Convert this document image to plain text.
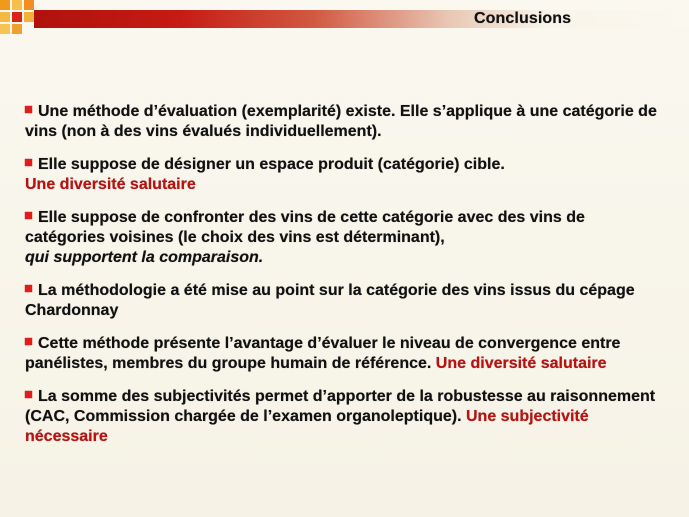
Conclusions
Une méthode d’évaluation (exemplarité) existe. Elle s’applique à une catégorie de vins (non à des vins évalués individuellement).
Elle suppose de désigner un espace produit (catégorie) cible.
Une diversité salutaire
Elle suppose de confronter des vins de cette catégorie avec des vins de catégories voisines (le choix des vins est déterminant),
qui supportent la comparaison.
La méthodologie a été mise au point sur la catégorie des vins issus du cépage Chardonnay
Cette méthode présente l’avantage d’évaluer le niveau de convergence entre panélistes, membres du groupe humain de référence. Une diversité salutaire
La somme des subjectivités permet d’apporter de la robustesse au raisonnement (CAC, Commission chargée de l’examen organoleptique). Une subjectivité nécessaire
